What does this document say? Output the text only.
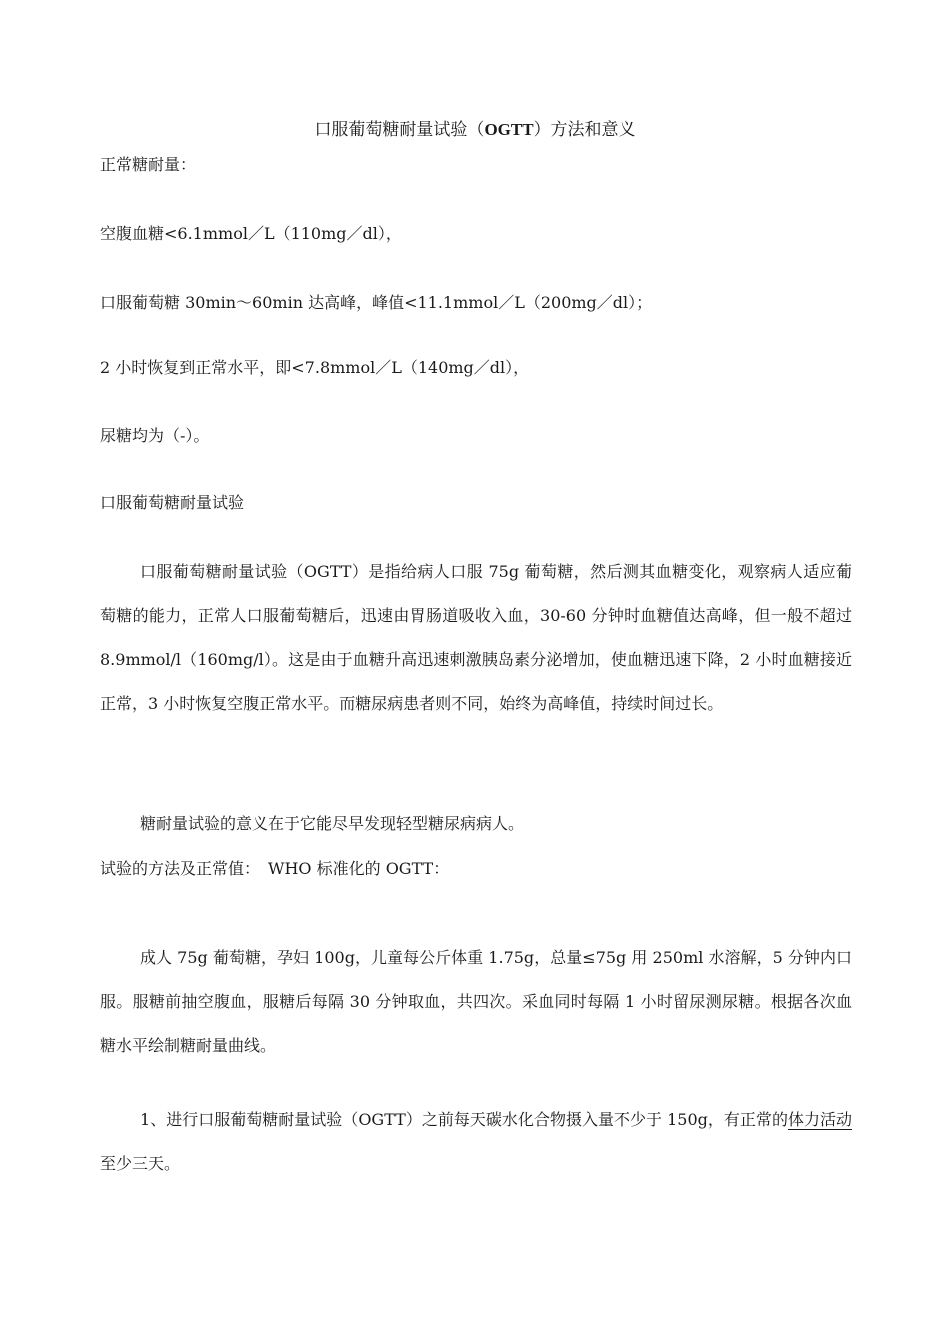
口服葡萄糖耐量试验（OGTT）方法和意义
正常糖耐量：
空腹血糖<6.1mmol／L（110mg／dl），
口服葡萄糖 30min～60min 达高峰，峰值<11.1mmol／L（200mg／dl）；
2 小时恢复到正常水平，即<7.8mmol／L（140mg／dl），
尿糖均为（-）。
口服葡萄糖耐量试验

口服葡萄糖耐量试验（OGTT）是指给病人口服 75g 葡萄糖，然后测其血糖变化，观察病人适应葡萄糖的能力，正常人口服葡萄糖后，迅速由胃肠道吸收入血，30-60 分钟时血糖值达高峰，但一般不超过 8.9mmol/l（160mg/l）。这是由于血糖升高迅速刺激胰岛素分泌增加，使血糖迅速下降，2 小时血糖接近正常，3 小时恢复空腹正常水平。而糖尿病患者则不同，始终为高峰值，持续时间过长。

糖耐量试验的意义在于它能尽早发现轻型糖尿病病人。

试验的方法及正常值：　WHO 标准化的 OGTT：

成人 75g 葡萄糖，孕妇 100g，儿童每公斤体重 1.75g，总量≤75g 用 250ml 水溶解，5 分钟内口服。服糖前抽空腹血，服糖后每隔 30 分钟取血，共四次。采血同时每隔 1 小时留尿测尿糖。根据各次血糖水平绘制糖耐量曲线。

1、进行口服葡萄糖耐量试验（OGTT）之前每天碳水化合物摄入量不少于 150g，有正常的体力活动至少三天。
